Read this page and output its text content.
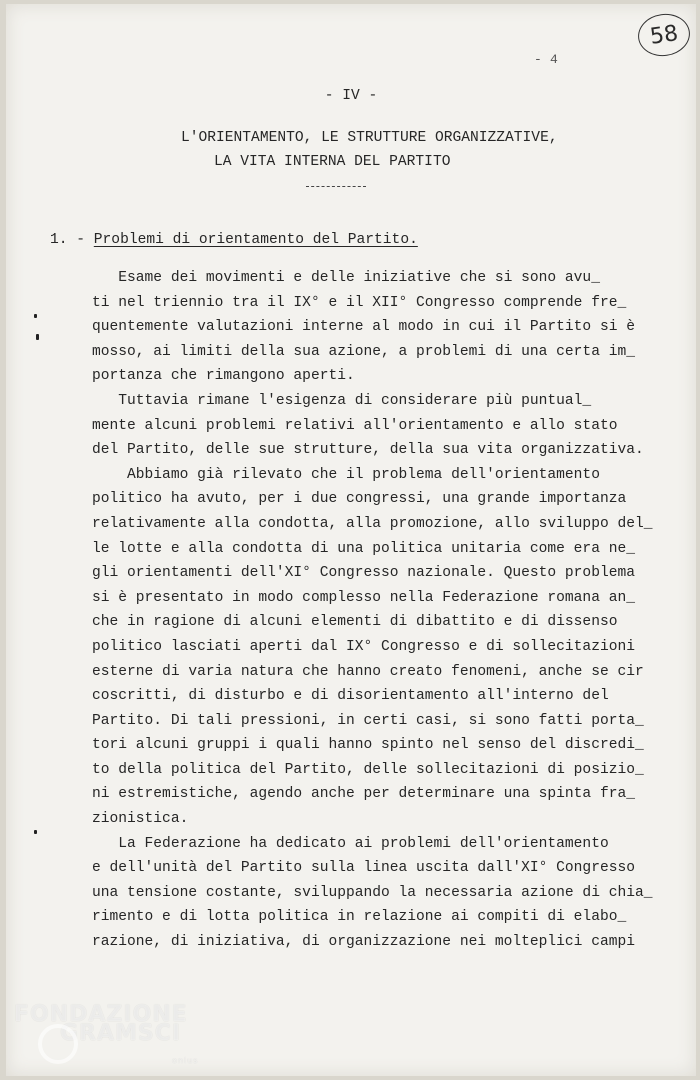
58
- 4
- IV -
L'ORIENTAMENTO, LE STRUTTURE ORGANIZZATIVE,
LA VITA INTERNA DEL PARTITO
1. - Problemi di orientamento del Partito.
Esame dei movimenti e delle iniziative che si sono avu_
ti nel triennio tra il IX° e il XII° Congresso comprende fre_
quentemente valutazioni interne al modo in cui il Partito si è
mosso, ai limiti della sua azione, a problemi di una certa im_
portanza che rimangono aperti.
Tuttavia rimane l'esigenza di considerare più puntual_
mente alcuni problemi relativi all'orientamento e allo stato
del Partito, delle sue strutture, della sua vita organizzativa.
Abbiamo già rilevato che il problema dell'orientamento
politico ha avuto, per i due congressi, una grande importanza
relativamente alla condotta, alla promozione, allo sviluppo del_
le lotte e alla condotta di una politica unitaria come era ne_
gli orientamenti dell'XI° Congresso nazionale. Questo problema
si è presentato in modo complesso nella Federazione romana an_
che in ragione di alcuni elementi di dibattito e di dissenso
politico lasciati aperti dal IX° Congresso e di sollecitazioni
esterne di varia natura che hanno creato fenomeni, anche se cir
coscritti, di disturbo e di disorientamento all'interno del
Partito. Di tali pressioni, in certi casi, si sono fatti porta_
tori alcuni gruppi i quali hanno spinto nel senso del discredi_
to della politica del Partito, delle sollecitazioni di posizio_
ni estremistiche, agendo anche per determinare una spinta fra_
zionistica.
La Federazione ha dedicato ai problemi dell'orientamento
e dell'unità del Partito sulla linea uscita dall'XI° Congresso
una tensione costante, sviluppando la necessaria azione di chia_
rimento e di lotta politica in relazione ai compiti di elabo_
razione, di iniziativa, di organizzazione nei molteplici campi
FONDAZIONE
GRAMSCI
onlus
